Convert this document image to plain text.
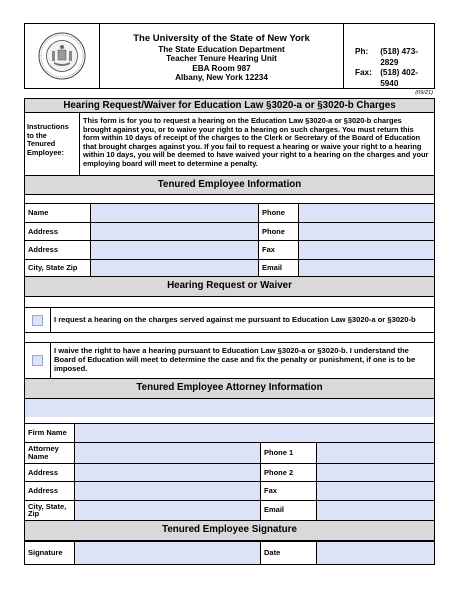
The University of the State of New York
The State Education Department
Teacher Tenure Hearing Unit
EBA Room 987
Albany, New York 12234
Ph:	(518) 473-2829
Fax: (518) 402-5940
(09/21)
Hearing Request/Waiver for Education Law §3020-a or §3020-b Charges
Instructions
to the
Tenured
Employee:
This form is for you to request a hearing on the Education Law §3020-a or §3020-b charges brought against you, or to waive your right to a hearing on such charges. You must return this form within 10 days of receipt of the charges to the Clerk or Secretary of the Board of Education that brought charges against you. If you fail to request a hearing or waive your right to a hearing within 10 days, you will be deemed to have waived your right to a hearing on the charges and your employing board will meet to determine a penalty.
Tenured Employee Information
Name	Phone
Address	Phone
Address	Fax
City, State Zip	Email
Hearing Request or Waiver
I request a hearing on the charges served against me pursuant to Education Law §3020-a or §3020-b
I waive the right to have a hearing pursuant to Education Law §3020-a or §3020-b. I understand the Board of Education will meet to determine the case and fix the penalty or punishment, if one is to be imposed.
Tenured Employee Attorney Information
Firm Name
Attorney Name	Phone 1
Address	Phone 2
Address	Fax
City, State, Zip	Email
Tenured Employee Signature
Signature	Date
